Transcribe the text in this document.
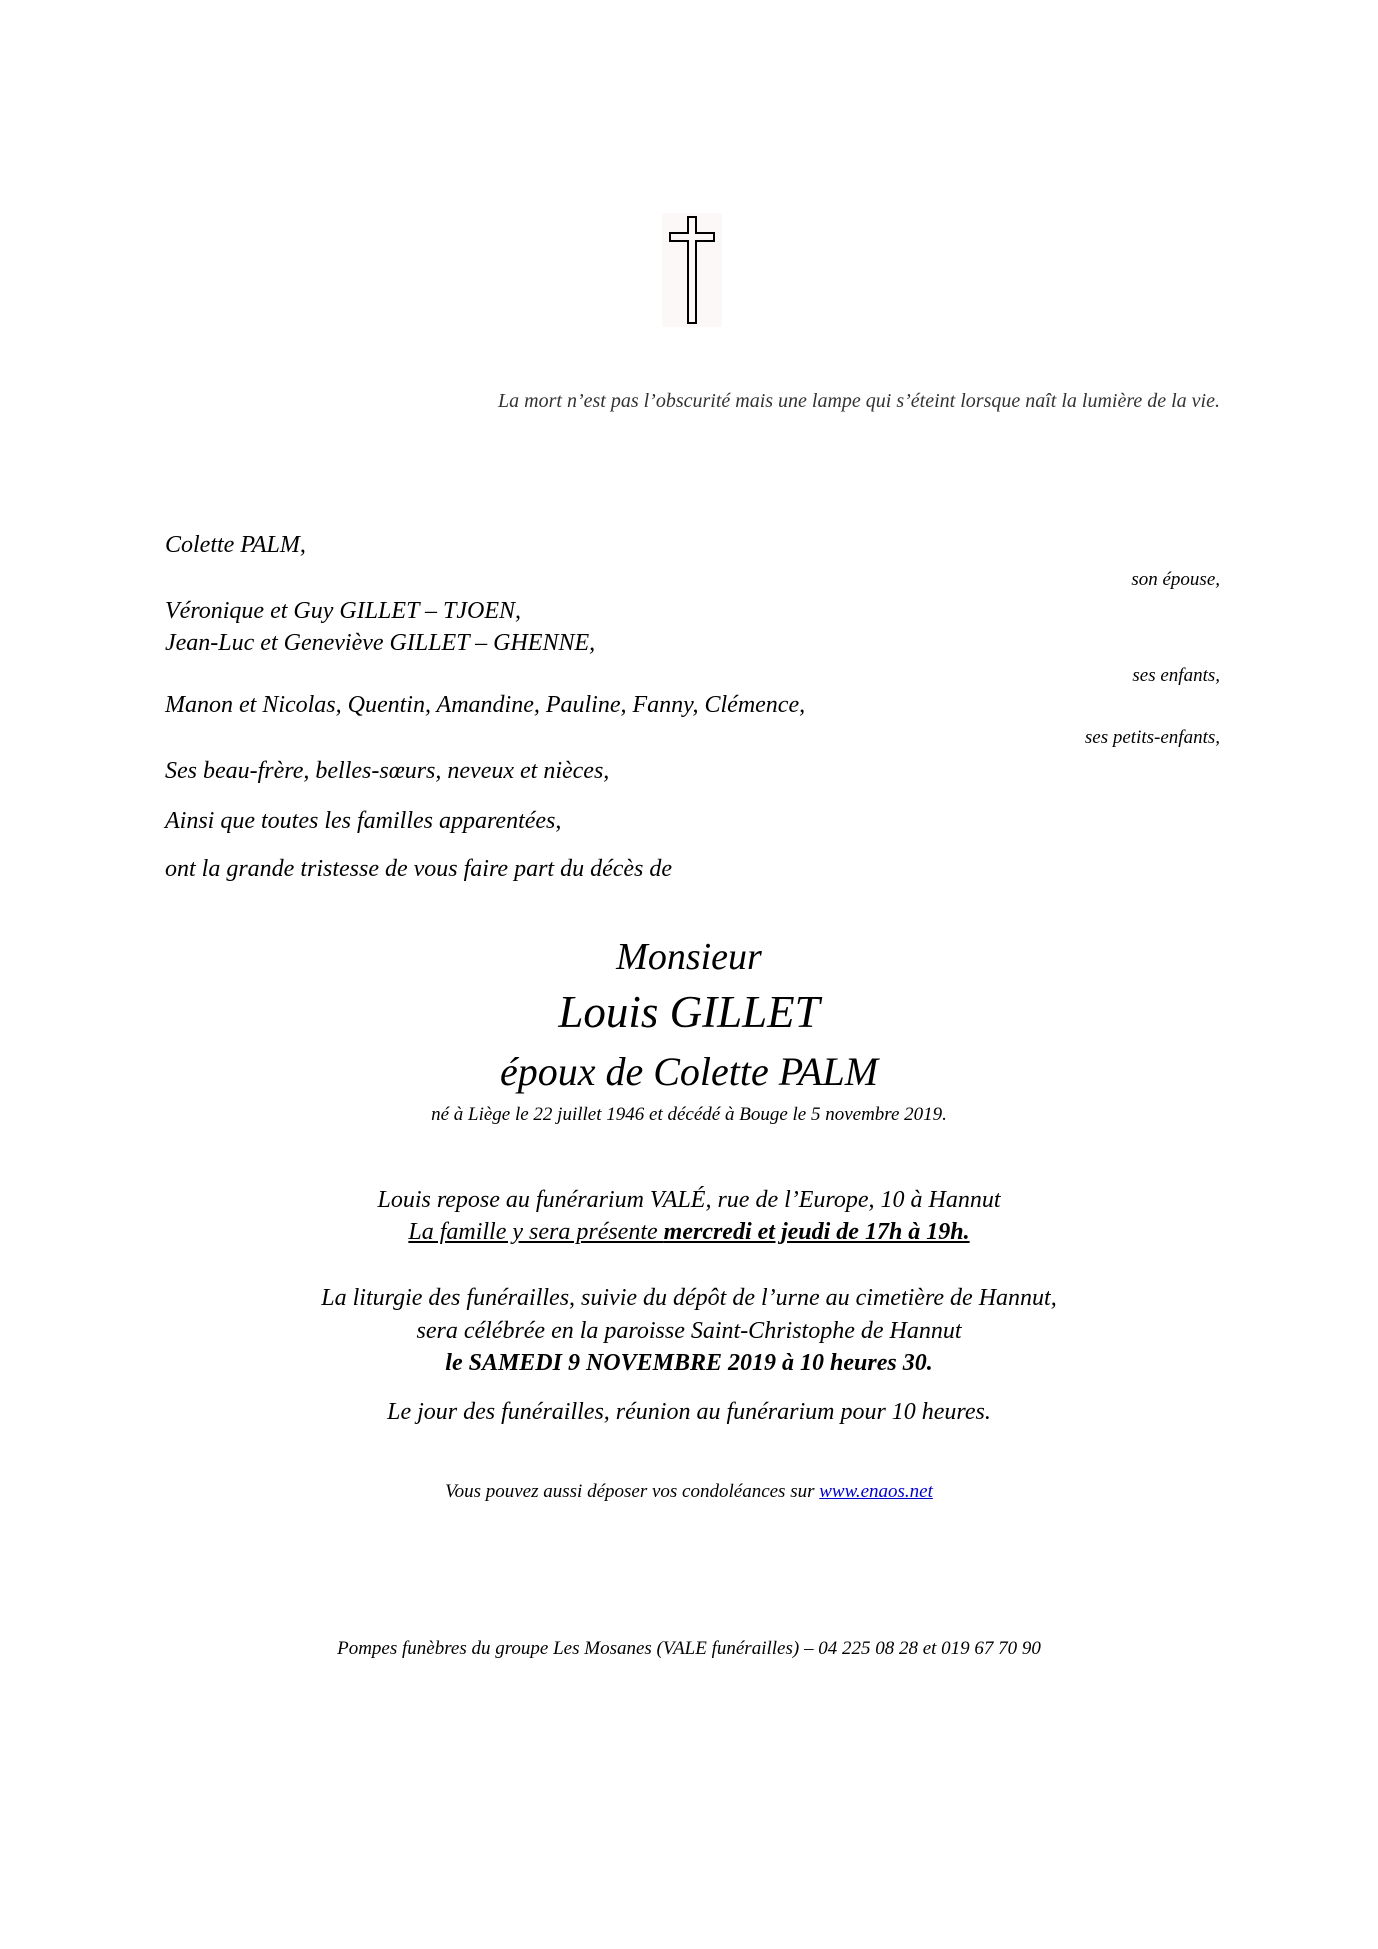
La mort n’est pas l’obscurité mais une lampe qui s’éteint lorsque naît la lumière de la vie.
Colette PALM,
son épouse,
Véronique et Guy GILLET – TJOEN,
Jean-Luc et Geneviève GILLET – GHENNE,
ses enfants,
Manon et Nicolas, Quentin, Amandine, Pauline, Fanny, Clémence,
ses petits-enfants,
Ses beau-frère, belles-sœurs, neveux et nièces,
Ainsi que toutes les familles apparentées,
ont la grande tristesse de vous faire part du décès de
Monsieur
Louis GILLET
époux de Colette PALM
né à Liège le 22 juillet 1946 et décédé à Bouge le 5 novembre 2019.
Louis repose au funérarium VALÉ, rue de l’Europe, 10 à Hannut
La famille y sera présente mercredi et jeudi de 17h à 19h.
La liturgie des funérailles, suivie du dépôt de l’urne au cimetière de Hannut,
sera célébrée en la paroisse Saint-Christophe de Hannut
le SAMEDI 9 NOVEMBRE 2019 à 10 heures 30.
Le jour des funérailles, réunion au funérarium pour 10 heures.
Vous pouvez aussi déposer vos condoléances sur www.enaos.net
Pompes funèbres du groupe Les Mosanes (VALE funérailles) – 04 225 08 28 et 019 67 70 90
